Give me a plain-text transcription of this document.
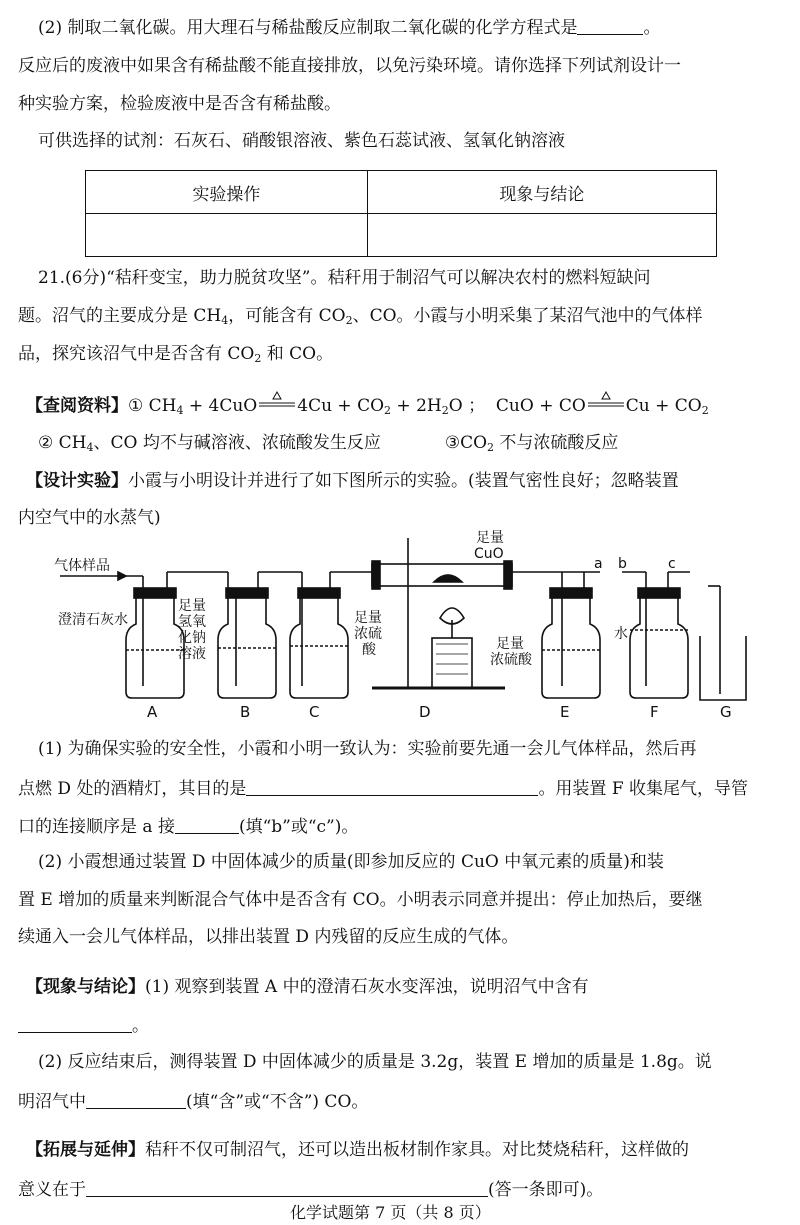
(2) 制取二氧化碳。用大理石与稀盐酸反应制取二氧化碳的化学方程式是	。
反应后的废液中如果含有稀盐酸不能直接排放，以免污染环境。请你选择下列试剂设计一
种实验方案，检验废液中是否含有稀盐酸。
可供选择的试剂：石灰石、硝酸银溶液、紫色石蕊试液、氢氧化钠溶液
实验操作	现象与结论

21.(6分)“秸秆变宝，助力脱贫攻坚”。秸秆用于制沼气可以解决农村的燃料短缺问
题。沼气的主要成分是 $CH_4$，可能含有 $CO_2$、CO。小霞与小明采集了某沼气池中的气体样
品，探究该沼气中是否含有 $CO_2$ 和 CO。
【查阅资料】① $CH_4 + 4CuO$ $4Cu + CO_2 + 2H_2O$ ； CuO + CO $Cu + CO_2$
② $CH_4$、CO 均不与碱溶液、浓硫酸发生反应	$③CO_2$ 不与浓硫酸反应
【设计实验】小霞与小明设计并进行了如下图所示的实验。(装置气密性良好；忽略装置
内空气中的水蒸气)
气体样品
澄清石灰水
足量
氢氧
化钠
溶液
足量
浓硫
酸
足量
CuO
足量
浓硫酸
水
a b	c
A	B	C	D	E	F	G
(1) 为确保实验的安全性，小霞和小明一致认为：实验前要先通一会儿气体样品，然后再
点燃 D 处的酒精灯，其目的是	。用装置 F 收集尾气，导管
口的连接顺序是 a 接	(填“b”或“c”)。
(2) 小霞想通过装置 D 中固体减少的质量(即参加反应的 CuO 中氧元素的质量)和装
置 E 增加的质量来判断混合气体中是否含有 CO。小明表示同意并提出：停止加热后，要继
续通入一会儿气体样品，以排出装置 D 内残留的反应生成的气体。
【现象与结论】(1) 观察到装置 A 中的澄清石灰水变浑浊，说明沼气中含有
。
(2) 反应结束后，测得装置 D 中固体减少的质量是 3.2g，装置 E 增加的质量是 1.8g。说
明沼气中	(填“含”或“不含”) CO。
【拓展与延伸】秸秆不仅可制沼气，还可以造出板材制作家具。对比焚烧秸秆，这样做的
意义在于	(答一条即可)。
化学试题第 7 页（共 8 页）
